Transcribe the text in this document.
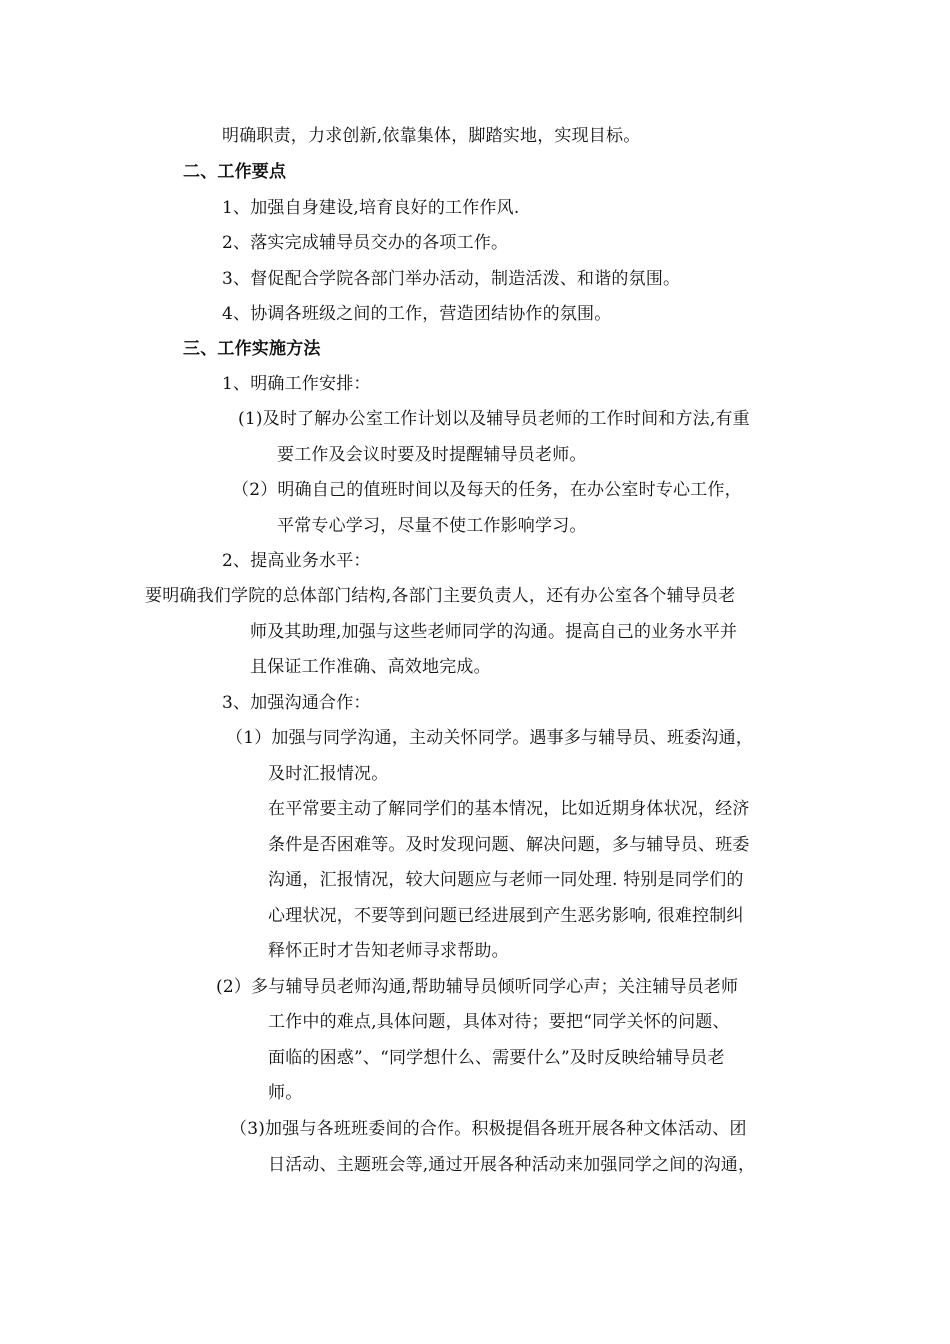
明确职责，力求创新,依靠集体，脚踏实地，实现目标。

二、工作要点

1、加强自身建设,培育良好的工作作风.

2、落实完成辅导员交办的各项工作。

3、督促配合学院各部门举办活动，制造活泼、和谐的氛围。

4、协调各班级之间的工作，营造团结协作的氛围。

三、工作实施方法

1、明确工作安排：

(1)及时了解办公室工作计划以及辅导员老师的工作时间和方法,有重

要工作及会议时要及时提醒辅导员老师。

（2）明确自己的值班时间以及每天的任务，在办公室时专心工作，

平常专心学习，尽量不使工作影响学习。

2、提高业务水平：

要明确我们学院的总体部门结构,各部门主要负责人，还有办公室各个辅导员老

师及其助理,加强与这些老师同学的沟通。提高自己的业务水平并

且保证工作准确、高效地完成。

3、加强沟通合作：

（1）加强与同学沟通，主动关怀同学。遇事多与辅导员、班委沟通，

及时汇报情况。

在平常要主动了解同学们的基本情况，比如近期身体状况，经济

条件是否困难等。及时发现问题、解决问题，多与辅导员、班委

沟通，汇报情况，较大问题应与老师一同处理. 特别是同学们的

心理状况，不要等到问题已经进展到产生恶劣影响, 很难控制纠

释怀正时才告知老师寻求帮助。

(2）多与辅导员老师沟通,帮助辅导员倾听同学心声；关注辅导员老师

工作中的难点,具体问题，具体对待；要把“同学关怀的问题、

面临的困惑”、“同学想什么、需要什么”及时反映给辅导员老

师。

（3)加强与各班班委间的合作。积极提倡各班开展各种文体活动、团

日活动、主题班会等,通过开展各种活动来加强同学之间的沟通，
